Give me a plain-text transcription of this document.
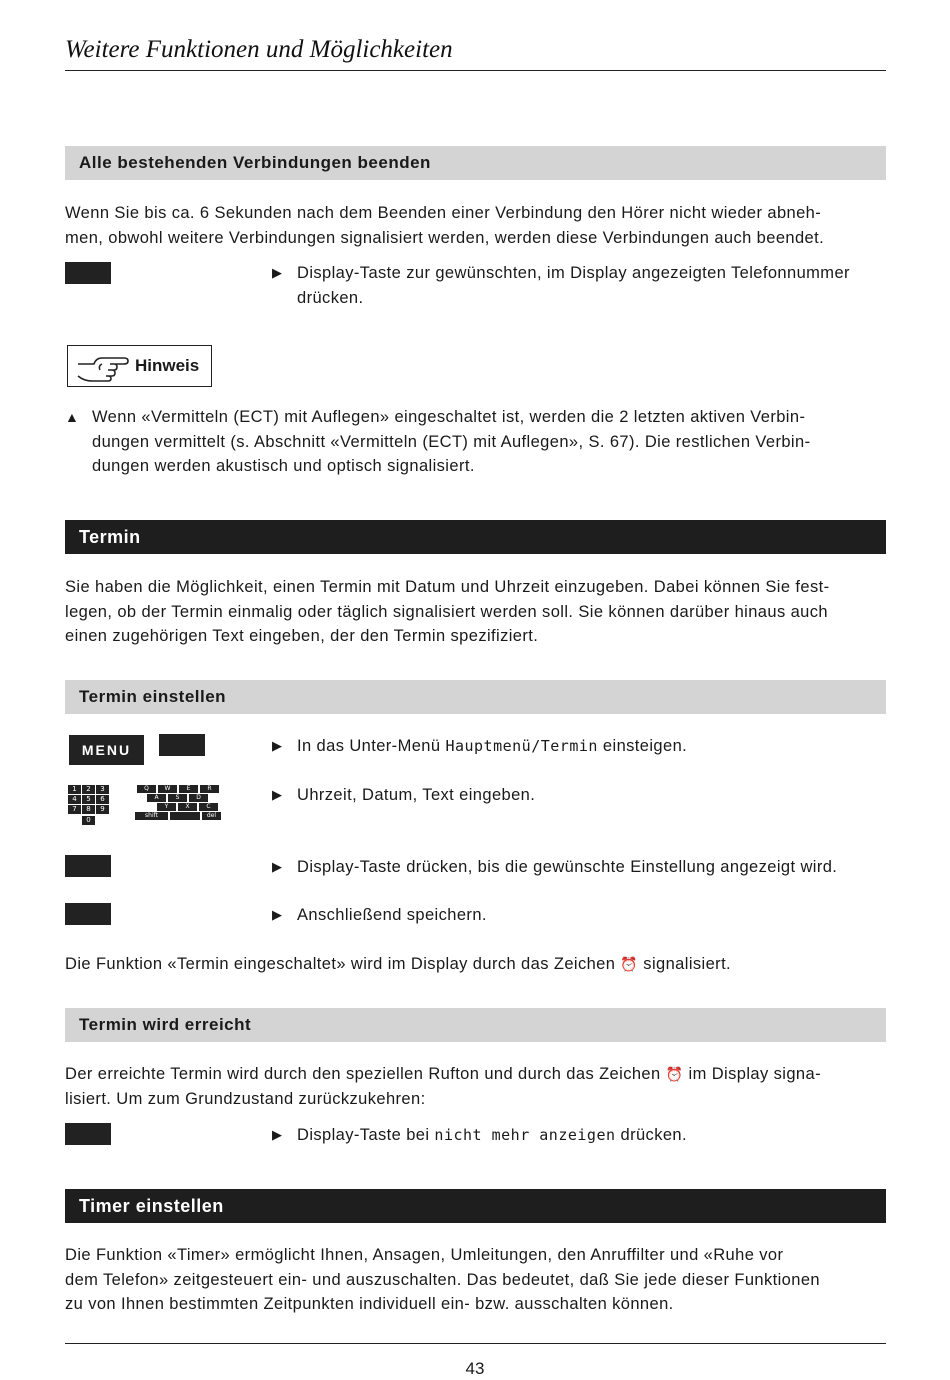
Weitere Funktionen und Möglichkeiten
Alle bestehenden Verbindungen beenden

Wenn Sie bis ca. 6 Sekunden nach dem Beenden einer Verbindung den Hörer nicht wieder abneh-

men, obwohl weitere Verbindungen signalisiert werden, werden diese Verbindungen auch beendet.

▶ Display-Taste zur gewünschten, im Display angezeigten Telefonnummer
drücken.
Hinweis
▲ Wenn «Vermitteln (ECT) mit Auflegen» eingeschaltet ist, werden die 2 letzten aktiven Verbin-
dungen vermittelt (s. Abschnitt «Vermitteln (ECT) mit Auflegen», S. 67). Die restlichen Verbin-
dungen werden akustisch und optisch signalisiert.
Termin

Sie haben die Möglichkeit, einen Termin mit Datum und Uhrzeit einzugeben. Dabei können Sie fest-

legen, ob der Termin einmalig oder täglich signalisiert werden soll. Sie können darüber hinaus auch

einen zugehörigen Text eingeben, der den Termin spezifiziert.

Termin einstellen
MENU	▶ In das Unter-Menü Hauptmenü/Termin einsteigen.
1	2	3
4	5	6
7	8	9
0
Q	W	E	R
A	S	D
Y	X	C
shift	del
▶ Uhrzeit, Datum, Text eingeben.
▶ Display-Taste drücken, bis die gewünschte Einstellung angezeigt wird.
▶ Anschließend speichern.

Die Funktion «Termin eingeschaltet» wird im Display durch das Zeichen ⏰ signalisiert.

Termin wird erreicht

Der erreichte Termin wird durch den speziellen Rufton und durch das Zeichen ⏰ im Display signa-

lisiert. Um zum Grundzustand zurückzukehren:

▶ Display-Taste bei nicht mehr anzeigen drücken.
Timer einstellen

Die Funktion «Timer» ermöglicht Ihnen, Ansagen, Umleitungen, den Anruffilter und «Ruhe vor

dem Telefon» zeitgesteuert ein- und auszuschalten. Das bedeutet, daß Sie jede dieser Funktionen

zu von Ihnen bestimmten Zeitpunkten individuell ein- bzw. ausschalten können.

43
